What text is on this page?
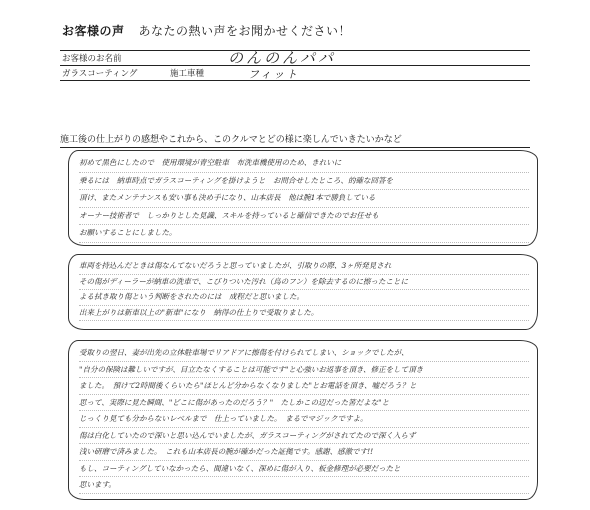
お客様の声 あなたの熱い声をお聞かせください！
お客様のお名前	のんのんパパ
ガラスコーティング	施工車種	フィット
施工後の仕上がりの感想やこれから、このクルマとどの様に楽しんでいきたいかなど
初めて黒色にしたので　使用環境が青空駐車　布洗車機使用のため、きれいに
乗るには　納車時点でガラスコーティングを掛けようと　お問合せしたところ、的確な回答を
頂け、またメンテナンスも安い事も決め手になり、山本店長　他は腕1本で勝負している
オーナー技術者で　しっかりとした見識、スキルを持っていると確信できたのでお任せも
お願いすることにしました。
車両を持込んだときは傷なんてないだろうと思っていましたが、引取りの際、3ヶ所発見され
その傷がディーラーが納車の洗車で、こびりついた汚れ（鳥のフン）を除去するのに擦ったことに
よる拭き取り傷という判断をされたのには　成程だと思いました。
出来上がりは新車以上の"新車"になり　納得の仕上りで受取りました。
受取りの翌日、妻が出先の立体駐車場でリアドアに擦傷を付けられてしまい、ショックでしたが、
"自分の保険は難しいですが、目立たなくすることは可能です"と心強いお返事を頂き、修正をして頂き
ました。　預けて2時間後くらいたら"ほとんど分からなくなりました"とお電話を頂き、嘘だろう？と
思って、実際に見た瞬間、"どこに傷があったのだろう？"　たしかこの辺だった筈だよな"と
じっくり見ても分からないレベルまで　仕上っていました。　まるでマジックですよ。
傷は白化していたので深いと思い込んでいましたが、ガラスコーティングがされてたので深く入らず
浅い研磨で済みました。　これも山本店長の腕が確かだった証拠です。感謝、感激です!!
もし、コーティングしていなかったら、間違いなく、深めに傷が入り、板金修理が必要だったと
思います。
